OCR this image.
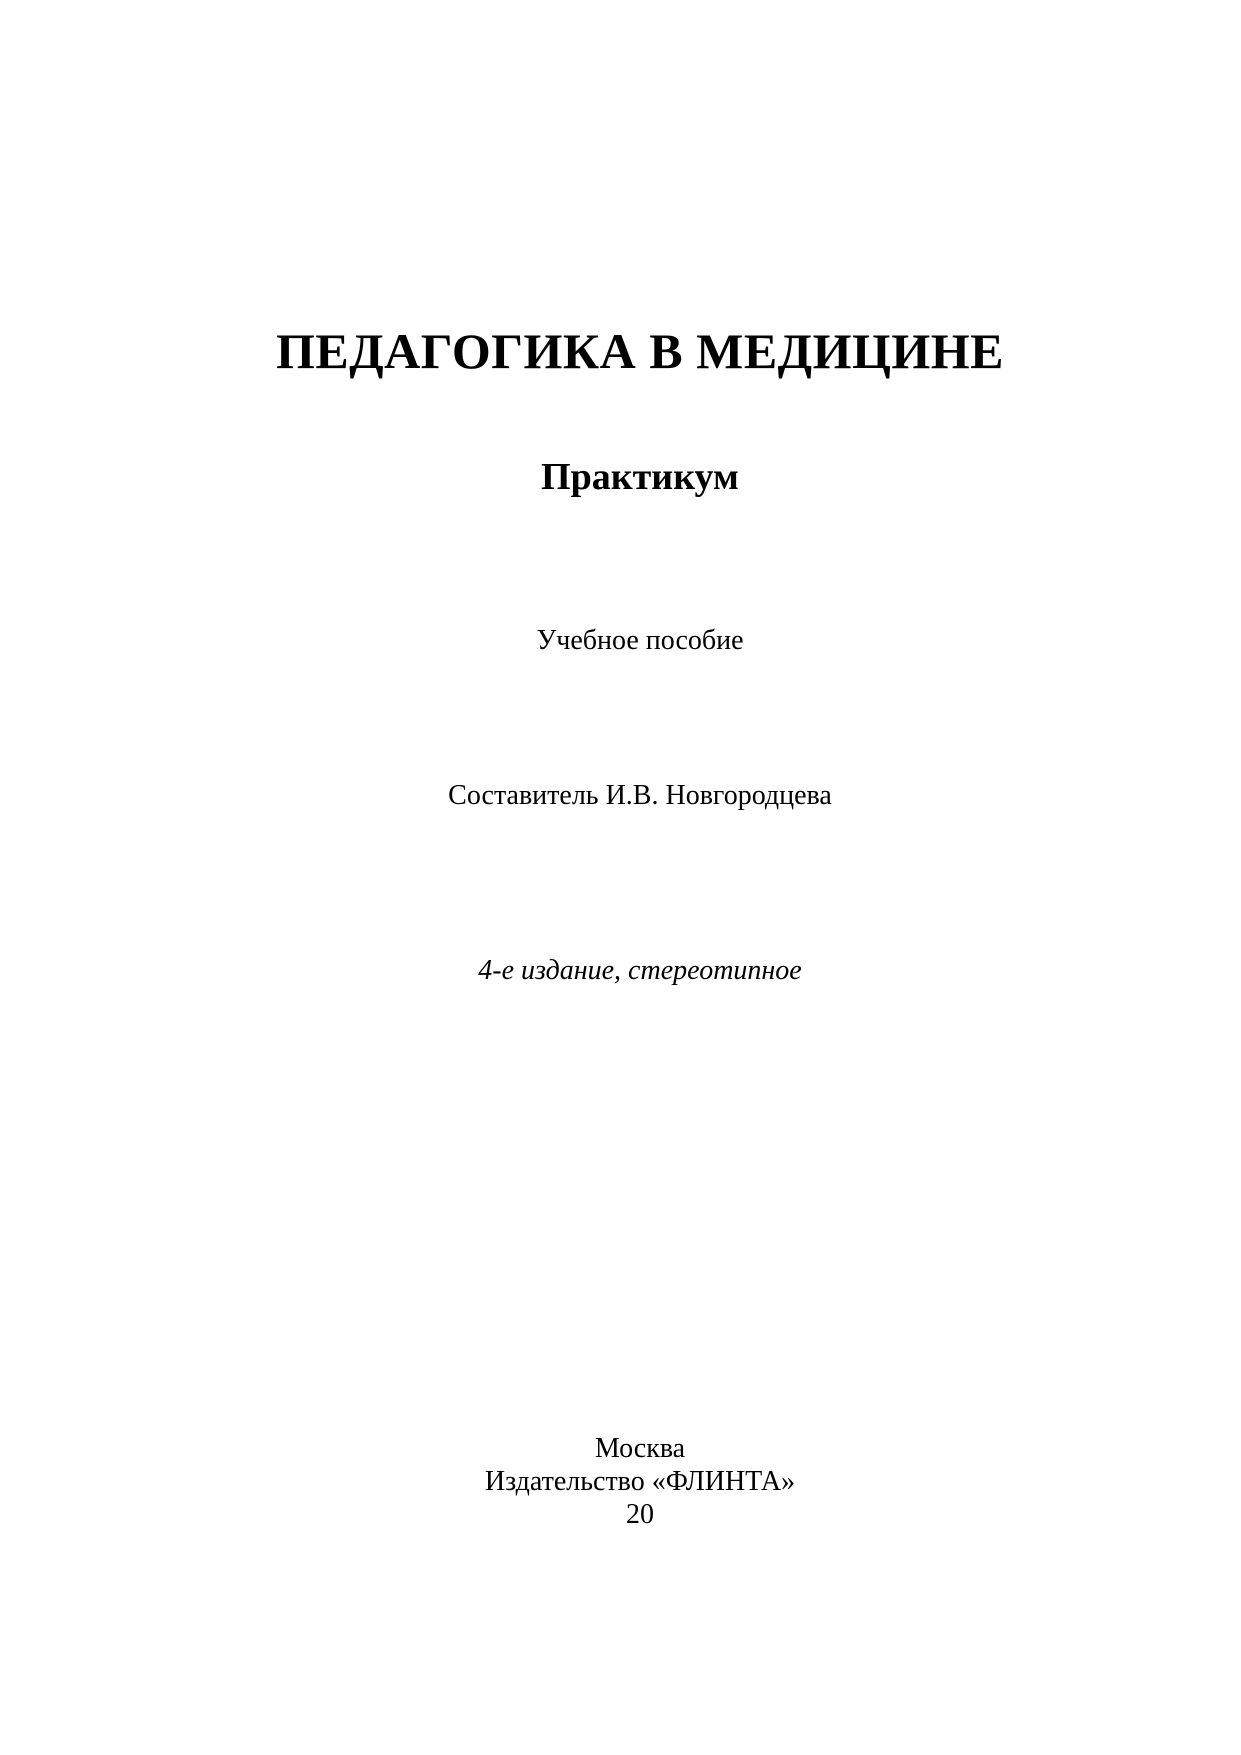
ПЕДАГОГИКА В МЕДИЦИНЕ
Практикум
Учебное пособие
Составитель И.В. Новгородцева
4-е издание, стереотипное
Москва
Издательство «ФЛИНТА»
20
